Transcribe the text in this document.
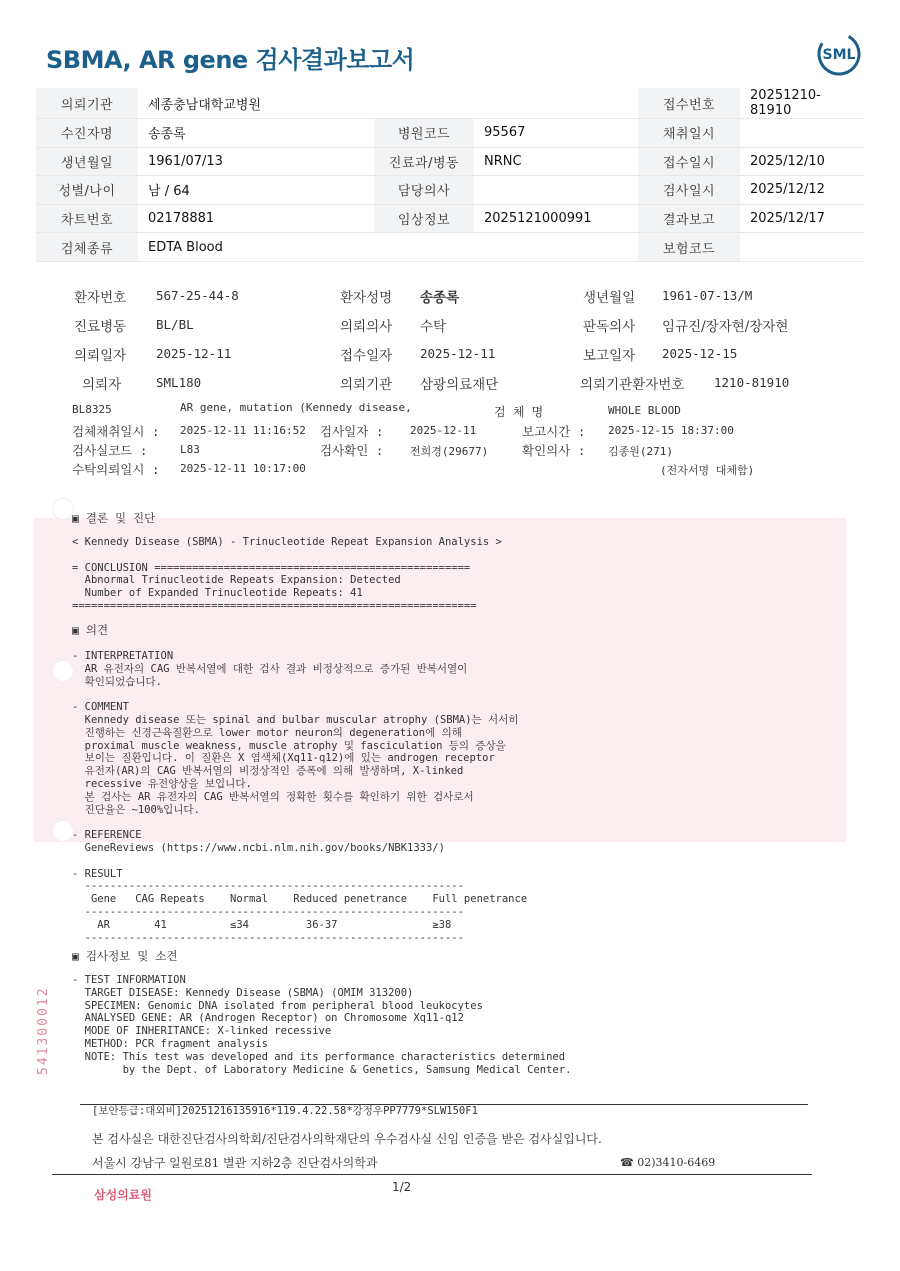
SBMA, AR gene 검사결과보고서	SML
의뢰기관	세종충남대학교병원			접수번호	20251210-81910
수진자명	송종록	병원코드	95567	채취일시	
생년월일	1961/07/13	진료과/병동	NRNC	접수일시	2025/12/10
성별/나이	남 / 64	담당의사		검사일시	2025/12/12
차트번호	02178881	임상정보	2025121000991	결과보고	2025/12/17
검체종류	EDTA Blood			보험코드	
환자번호 567-25-44-8	환자성명 송종록	생년월일 1961-07-13/M
진료병동 BL/BL	의뢰의사 수탁	판독의사 임규진/장자현/장자현
의뢰일자 2025-12-11	접수일자 2025-12-11	보고일자 2025-12-15
의뢰자	SML180	의뢰기관 삼광의료재단	의뢰기관환자번호 1210-81910
BL8325	AR gene, mutation (Kennedy disease,	검 체 명	WHOLE BLOOD
검체채취일시 : 2025-12-11 11:16:52 검사일자 : 2025-12-11	보고시간 : 2025-12-15 18:37:00
검사실코드 :	L83	검사확인 : 전희경(29677)	확인의사 : 김종원(271)
수탁의뢰일시 : 2025-12-11 10:17:00	(전자서명 대체함)
▣ 결론 및 진단
< Kennedy Disease (SBMA) - Trinucleotide Repeat Expansion Analysis >

= CONCLUSION ==================================================
Abnormal Trinucleotide Repeats Expansion: Detected
Number of Expanded Trinucleotide Repeats: 41
================================================================
▣ 의견
- INTERPRETATION
AR 유전자의 CAG 반복서열에 대한 검사 결과 비정상적으로 증가된 반복서열이
확인되었습니다.

- COMMENT
Kennedy disease 또는 spinal and bulbar muscular atrophy (SBMA)는 서서히
진행하는 신경근육질환으로 lower motor neuron의 degeneration에 의해
proximal muscle weakness, muscle atrophy 및 fasciculation 등의 증상을
보이는 질환입니다. 이 질환은 X 염색체(Xq11-q12)에 있는 androgen receptor
유전자(AR)의 CAG 반복서열의 비정상적인 증폭에 의해 발생하며, X-linked
recessive 유전양상을 보입니다.
본 검사는 AR 유전자의 CAG 반복서열의 정확한 횟수를 확인하기 위한 검사로서
진단율은 ~100%입니다.

- REFERENCE
GeneReviews (https://www.ncbi.nlm.nih.gov/books/NBK1333/)

- RESULT
------------------------------------------------------------
Gene   CAG Repeats    Normal    Reduced penetrance    Full penetrance
------------------------------------------------------------
AR       41          ≤34         36-37               ≥38
------------------------------------------------------------
▣ 검사정보 및 소견
- TEST INFORMATION
TARGET DISEASE: Kennedy Disease (SBMA) (OMIM 313200)
SPECIMEN: Genomic DNA isolated from peripheral blood leukocytes
ANALYSED GENE: AR (Androgen Receptor) on Chromosome Xq11-q12
MODE OF INHERITANCE: X-linked recessive
METHOD: PCR fragment analysis
NOTE: This test was developed and its performance characteristics determined
by the Dept. of Laboratory Medicine & Genetics, Samsung Medical Center.
541300012
[보안등급:대외비]20251216135916*119.4.22.58*강정우PP7779*SLW150F1
본 검사실은 대한진단검사의학회/진단검사의학재단의 우수검사실 신임 인증을 받은 검사실입니다.
서울시 강남구 일원로81 별관 지하2층 진단검사의학과	☎ 02)3410-6469
삼성의료원
1/2
